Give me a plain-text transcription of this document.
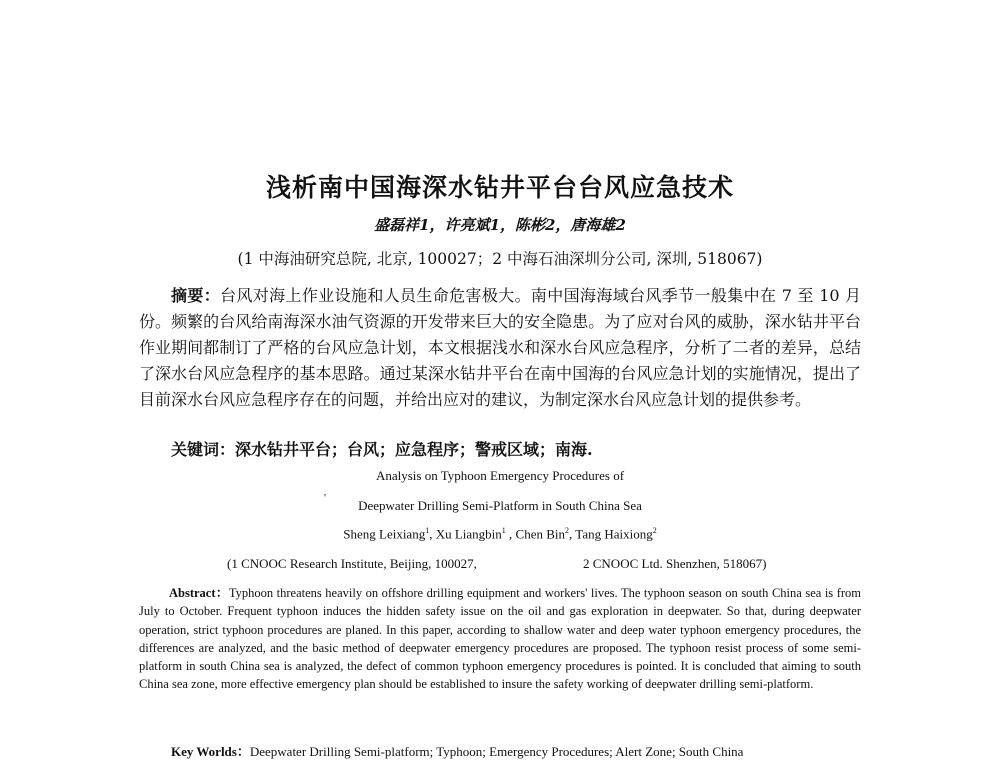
浅析南中国海深水钻井平台台风应急技术
盛磊祥1，许亮斌1，陈彬2，唐海雄2
(1 中海油研究总院, 北京, 100027；2 中海石油深圳分公司, 深圳, 518067)

摘要：台风对海上作业设施和人员生命危害极大。南中国海海域台风季节一般集中在 7 至 10 月份。频繁的台风给南海深水油气资源的开发带来巨大的安全隐患。为了应对台风的威胁，深水钻井平台作业期间都制订了严格的台风应急计划，本文根据浅水和深水台风应急程序，分析了二者的差异，总结了深水台风应急程序的基本思路。通过某深水钻井平台在南中国海的台风应急计划的实施情况，提出了目前深水台风应急程序存在的问题，并给出应对的建议，为制定深水台风应急计划的提供参考。

关键词：深水钻井平台；台风；应急程序；警戒区域；南海.

Analysis on Typhoon Emergency Procedures of
'	Deepwater Drilling Semi-Platform in South China Sea
Sheng Leixiang$^1$, Xu Liangbin$^1$ , Chen Bin$^2$, Tang Haixiong$^2$
(1 CNOOC Research Institute, Beijing, 100027,	2 CNOOC Ltd. Shenzhen, 518067)

Abstract：Typhoon threatens heavily on offshore drilling equipment and workers' lives. The typhoon season on south China sea is from July to October. Frequent typhoon induces the hidden safety issue on the oil and gas exploration in deepwater. So that, during deepwater operation, strict typhoon procedures are planed. In this paper, according to shallow water and deep water typhoon emergency procedures, the differences are analyzed, and the basic method of deepwater emergency procedures are proposed. The typhoon resist process of some semi-platform in south China sea is analyzed, the defect of common typhoon emergency procedures is pointed. It is concluded that aiming to south China sea zone, more effective emergency plan should be established to insure the safety working of deepwater drilling semi-platform.

Key Worlds：Deepwater Drilling Semi-platform; Typhoon; Emergency Procedures; Alert Zone; South China
